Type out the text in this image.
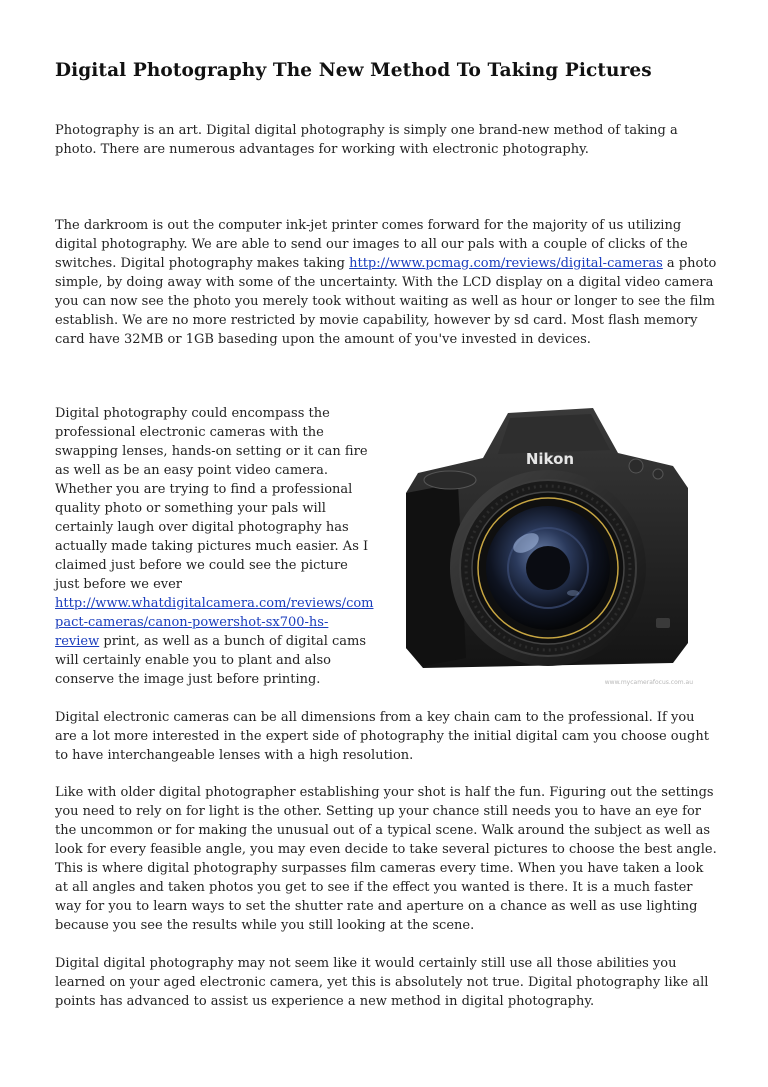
Digital Photography The New Method To Taking Pictures

Photography is an art. Digital digital photography is simply one brand-new method of taking a photo. There are numerous advantages for working with electronic photography.

The darkroom is out the computer ink-jet printer comes forward for the majority of us utilizing digital photography. We are able to send our images to all our pals with a couple of clicks of the switches. Digital photography makes taking http://www.pcmag.com/reviews/digital-cameras a photo simple, by doing away with some of the uncertainty. With the LCD display on a digital video camera you can now see the photo you merely took without waiting as well as hour or longer to see the film establish. We are no more restricted by movie capability, however by sd card. Most flash memory card have 32MB or 1GB baseding upon the amount of you've invested in devices.

Digital photography could encompass the professional electronic cameras with the swapping lenses, hands-on setting or it can fire as well as be an easy point video camera. Whether you are trying to find a professional quality photo or something your pals will certainly laugh over digital photography has actually made taking pictures much easier. As I claimed just before we could see the picture just before we ever http://www.whatdigitalcamera.com/reviews/com
pact-cameras/canon-powershot-sx700-hs-review print, as well as a bunch of digital cams will certainly enable you to plant and also conserve the image just before printing.

Nikon
www.mycamerafocus.com.au

Digital electronic cameras can be all dimensions from a key chain cam to the professional. If you are a lot more interested in the expert side of photography the initial digital cam you choose ought to have interchangeable lenses with a high resolution.

Like with older digital photographer establishing your shot is half the fun. Figuring out the settings you need to rely on for light is the other. Setting up your chance still needs you to have an eye for the uncommon or for making the unusual out of a typical scene. Walk around the subject as well as look for every feasible angle, you may even decide to take several pictures to choose the best angle. This is where digital photography surpasses film cameras every time. When you have taken a look at all angles and taken photos you get to see if the effect you wanted is there. It is a much faster way for you to learn ways to set the shutter rate and aperture on a chance as well as use lighting because you see the results while you still looking at the scene.

Digital digital photography may not seem like it would certainly still use all those abilities you learned on your aged electronic camera, yet this is absolutely not true. Digital photography like all points has advanced to assist us experience a new method in digital photography.
